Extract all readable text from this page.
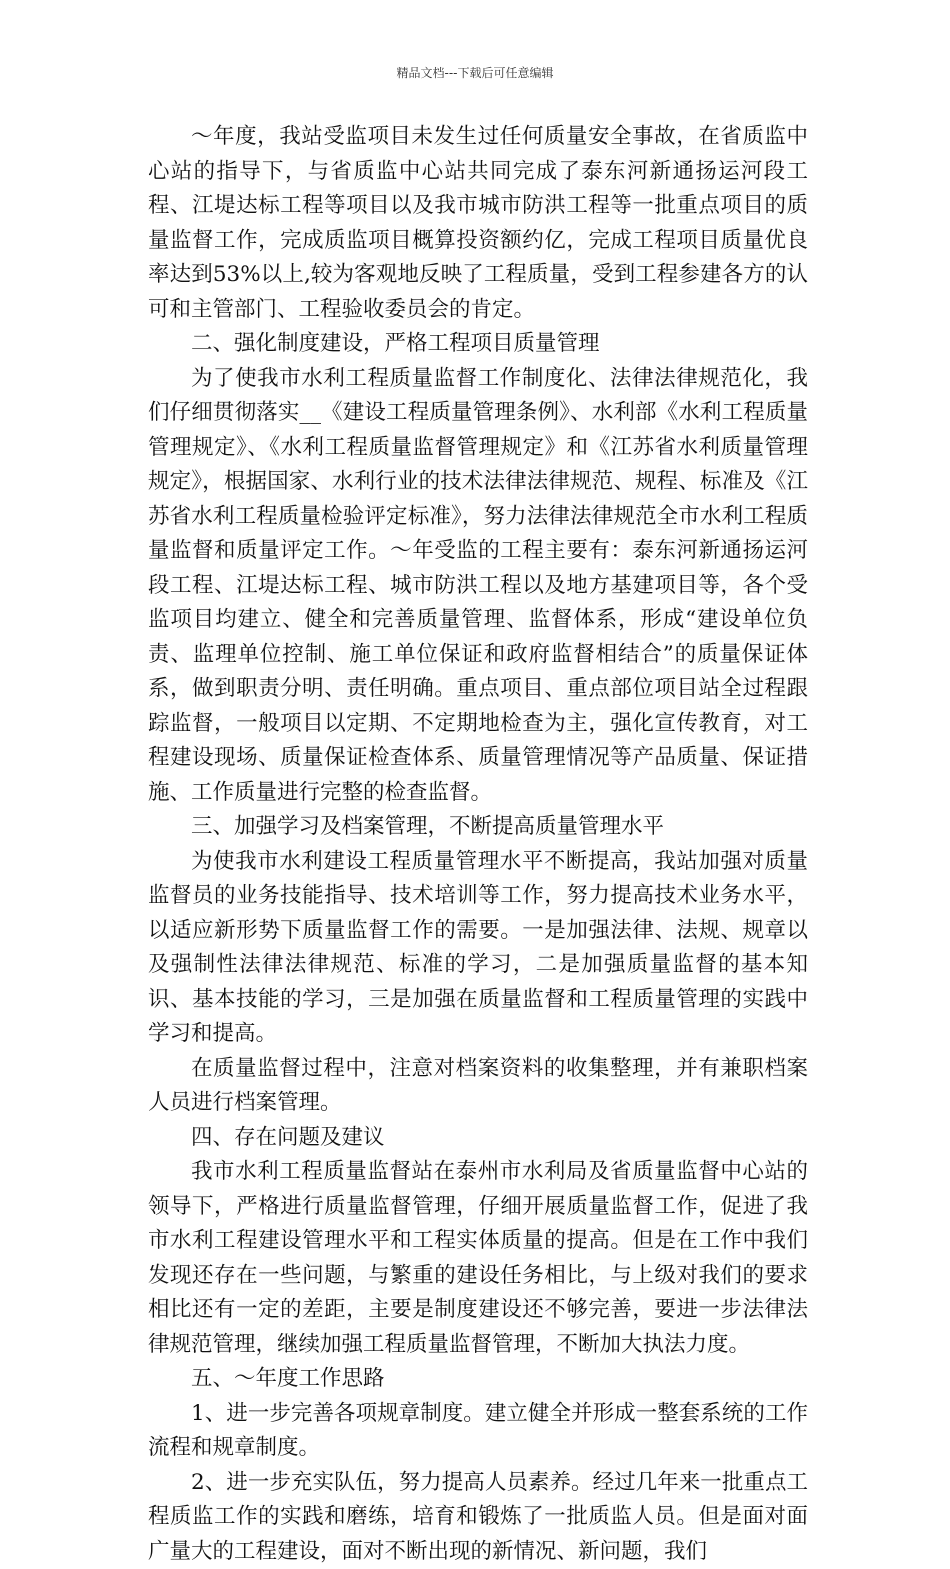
精品文档---下载后可任意编辑

～年度，我站受监项目未发生过任何质量安全事故，在省质监中心站的指导下，与省质监中心站共同完成了泰东河新通扬运河段工程、江堤达标工程等项目以及我市城市防洪工程等一批重点项目的质量监督工作，完成质监项目概算投资额约亿，完成工程项目质量优良率达到53%以上,较为客观地反映了工程质量，受到工程参建各方的认可和主管部门、工程验收委员会的肯定。

二、强化制度建设，严格工程项目质量管理

为了使我市水利工程质量监督工作制度化、法律法律规范化，我们仔细贯彻落实__《建设工程质量管理条例》、水利部《水利工程质量管理规定》、《水利工程质量监督管理规定》和《江苏省水利质量管理规定》，根据国家、水利行业的技术法律法律规范、规程、标准及《江苏省水利工程质量检验评定标准》，努力法律法律规范全市水利工程质量监督和质量评定工作。～年受监的工程主要有：泰东河新通扬运河段工程、江堤达标工程、城市防洪工程以及地方基建项目等，各个受监项目均建立、健全和完善质量管理、监督体系，形成“建设单位负责、监理单位控制、施工单位保证和政府监督相结合”的质量保证体系，做到职责分明、责任明确。重点项目、重点部位项目站全过程跟踪监督，一般项目以定期、不定期地检查为主，强化宣传教育，对工程建设现场、质量保证检查体系、质量管理情况等产品质量、保证措施、工作质量进行完整的检查监督。

三、加强学习及档案管理，不断提高质量管理水平

为使我市水利建设工程质量管理水平不断提高，我站加强对质量监督员的业务技能指导、技术培训等工作，努力提高技术业务水平，以适应新形势下质量监督工作的需要。一是加强法律、法规、规章以及强制性法律法律规范、标准的学习，二是加强质量监督的基本知识、基本技能的学习，三是加强在质量监督和工程质量管理的实践中学习和提高。

在质量监督过程中，注意对档案资料的收集整理，并有兼职档案人员进行档案管理。

四、存在问题及建议

我市水利工程质量监督站在泰州市水利局及省质量监督中心站的领导下，严格进行质量监督管理，仔细开展质量监督工作，促进了我市水利工程建设管理水平和工程实体质量的提高。但是在工作中我们发现还存在一些问题，与繁重的建设任务相比，与上级对我们的要求相比还有一定的差距，主要是制度建设还不够完善，要进一步法律法律规范管理，继续加强工程质量监督管理，不断加大执法力度。

五、～年度工作思路

1、进一步完善各项规章制度。建立健全并形成一整套系统的工作流程和规章制度。

2、进一步充实队伍，努力提高人员素养。经过几年来一批重点工程质监工作的实践和磨练，培育和锻炼了一批质监人员。但是面对面广量大的工程建设，面对不断出现的新情况、新问题，我们
